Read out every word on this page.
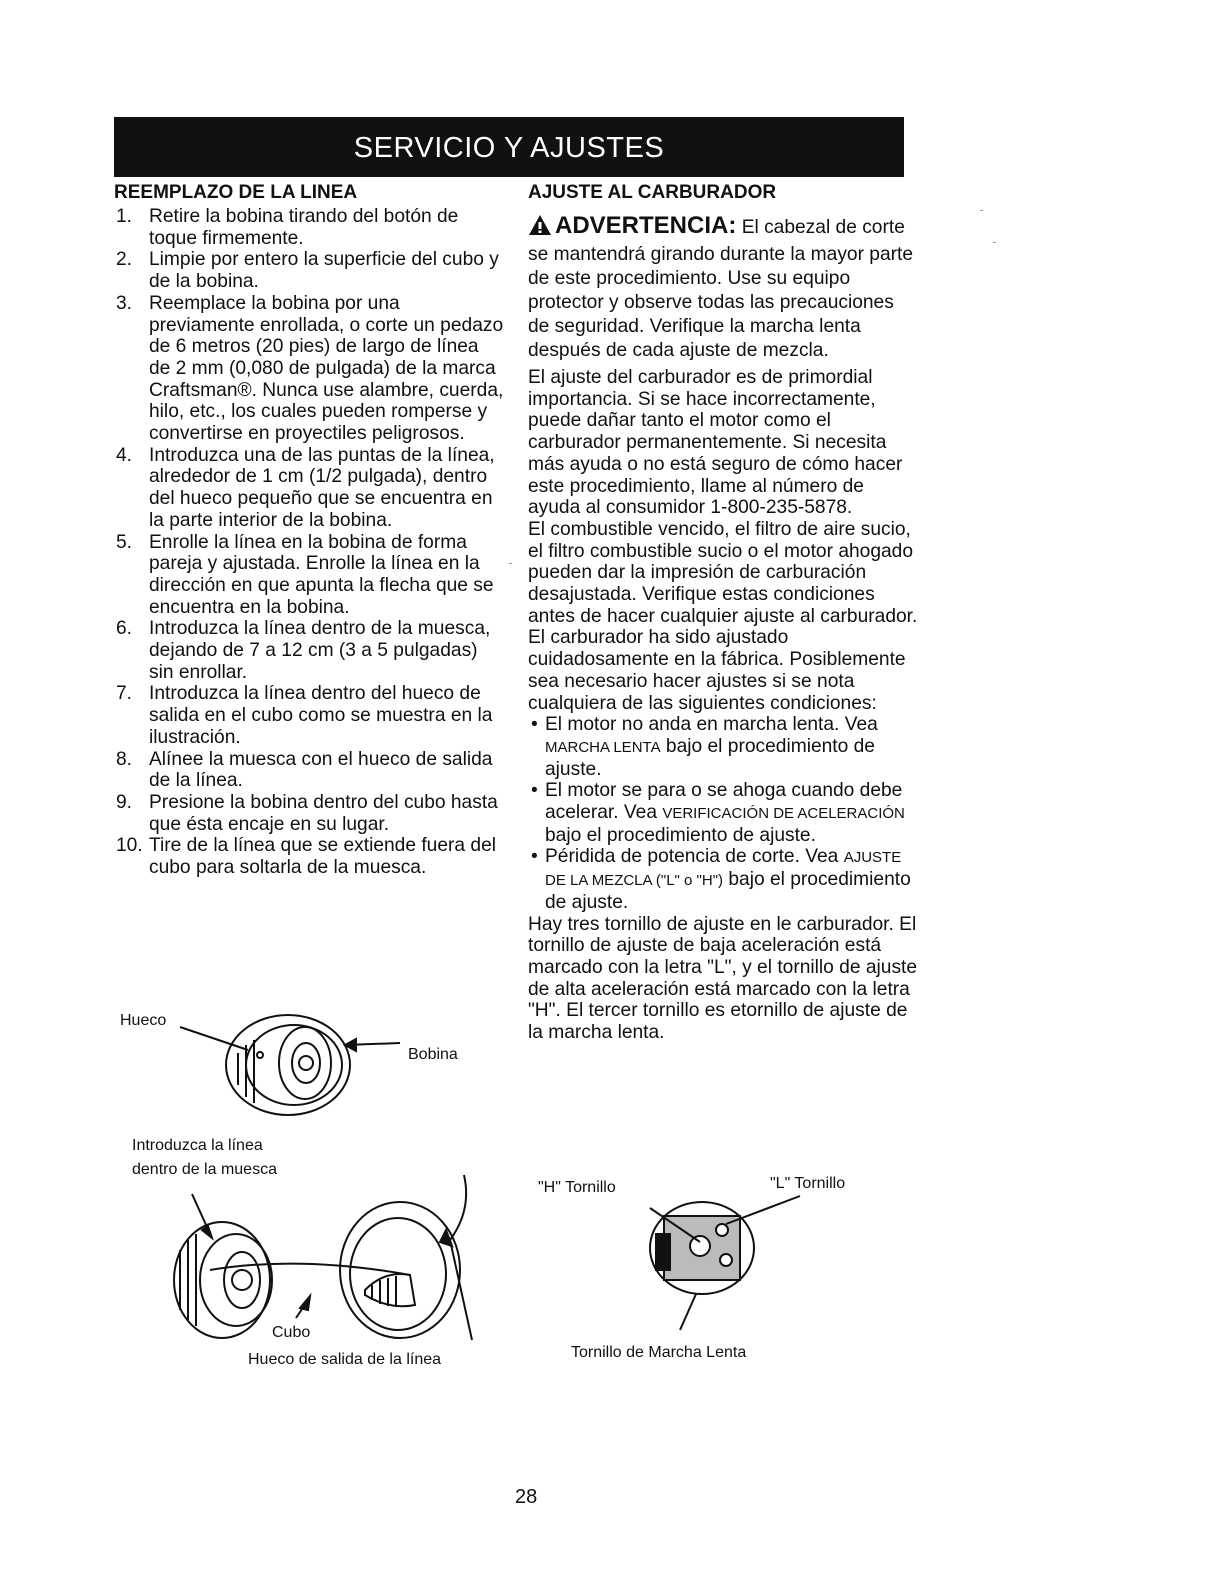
SERVICIO Y AJUSTES
REEMPLAZO DE LA LINEA
1. Retire la bobina tirando del botón de toque firmemente.
2. Limpie por entero la superficie del cubo y de la bobina.
3. Reemplace la bobina por una previamente enrollada, o corte un pedazo de 6 metros (20 pies) de largo de línea de 2 mm (0,080 de pulgada) de la marca Craftsman®. Nunca use alambre, cuerda, hilo, etc., los cuales pueden romperse y convertirse en proyectiles peligrosos.
4. Introduzca una de las puntas de la línea, alrededor de 1 cm (1/2 pulgada), dentro del hueco pequeño que se encuentra en la parte interior de la bobina.
5. Enrolle la línea en la bobina de forma pareja y ajustada. Enrolle la línea en la dirección en que apunta la flecha que se encuentra en la bobina.
6. Introduzca la línea dentro de la muesca, dejando de 7 a 12 cm (3 a 5 pulgadas) sin enrollar.
7. Introduzca la línea dentro del hueco de salida en el cubo como se muestra en la ilustración.
8. Alínee la muesca con el hueco de salida de la línea.
9. Presione la bobina dentro del cubo hasta que ésta encaje en su lugar.
10. Tire de la línea que se extiende fuera del cubo para soltarla de la muesca.
Hueco
Bobina
Introduzca la línea
dentro de la muesca
Cubo
Hueco de salida de la línea
AJUSTE AL CARBURADOR
ADVERTENCIA: El cabezal de corte se mantendrá girando durante la mayor parte de este procedimiento. Use su equipo protector y observe todas las precauciones de seguridad. Verifique la marcha lenta después de cada ajuste de mezcla.

El ajuste del carburador es de primordial importancia. Si se hace incorrectamente, puede dañar tanto el motor como el carburador permanentemente. Si necesita más ayuda o no está seguro de cómo hacer este procedimiento, llame al número de ayuda al consumidor 1-800-235-5878.

El combustible vencido, el filtro de aire sucio, el filtro combustible sucio o el motor ahogado pueden dar la impresión de carburación desajustada. Verifique estas condiciones antes de hacer cualquier ajuste al carburador.

El carburador ha sido ajustado cuidadosamente en la fábrica. Posiblemente sea necesario hacer ajustes si se nota cualquiera de las siguientes condiciones:

• El motor no anda en marcha lenta. Vea MARCHA LENTA bajo el procedimiento de ajuste.
• El motor se para o se ahoga cuando debe acelerar. Vea VERIFICACIÓN DE ACELERACIÓN bajo el procedimiento de ajuste.
• Péridida de potencia de corte. Vea AJUSTE DE LA MEZCLA ("L" o "H") bajo el procedimiento de ajuste.

Hay tres tornillo de ajuste en le carburador. El tornillo de ajuste de baja aceleración está marcado con la letra "L", y el tornillo de ajuste de alta aceleración está marcado con la letra "H". El tercer tornillo es etornillo de ajuste de la marcha lenta.

"H" Tornillo	"L" Tornillo
Tornillo de Marcha Lenta
28
